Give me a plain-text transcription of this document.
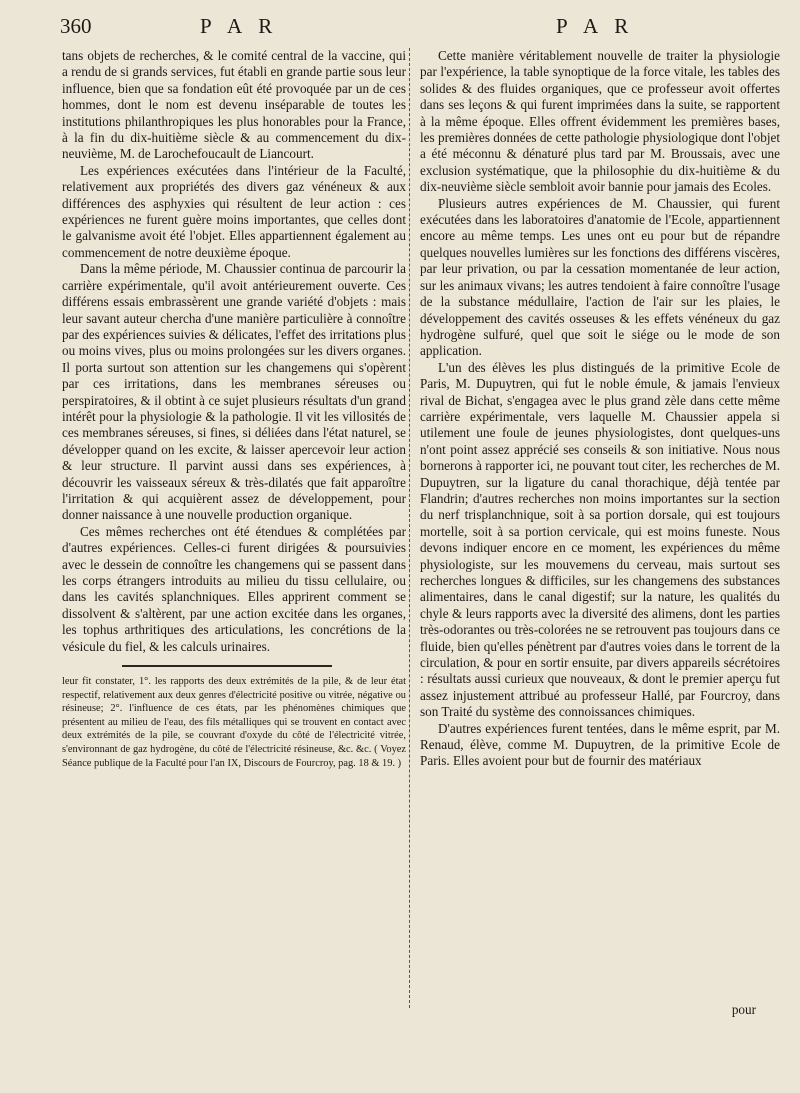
360	P A R	P A R

tans objets de recherches, & le comité central de la vaccine, qui a rendu de si grands services, fut établi en grande partie sous leur influence, bien que sa fondation eût été provoquée par un de ces hommes, dont le nom est devenu inséparable de toutes les institutions philanthropiques les plus honorables pour la France, à la fin du dix-huitième siècle & au commencement du dix-neuvième, M. de Larochefoucault de Liancourt.

Les expériences exécutées dans l'intérieur de la Faculté, relativement aux propriétés des divers gaz vénéneux & aux différences des asphyxies qui résultent de leur action : ces expériences ne furent guère moins importantes, que celles dont le galvanisme avoit été l'objet. Elles appartiennent également au commencement de notre deuxième époque.

Dans la même période, M. Chaussier continua de parcourir la carrière expérimentale, qu'il avoit antérieurement ouverte. Ces différens essais embrassèrent une grande variété d'objets : mais leur savant auteur chercha d'une manière particulière à connoître par des expériences suivies & délicates, l'effet des irritations plus ou moins vives, plus ou moins prolongées sur les divers organes. Il porta surtout son attention sur les changemens qui s'opèrent par ces irritations, dans les membranes séreuses ou perspiratoires, & il obtint à ce sujet plusieurs résultats d'un grand intérêt pour la physiologie & la pathologie. Il vit les villosités de ces membranes séreuses, si fines, si déliées dans l'état naturel, se développer quand on les excite, & laisser apercevoir leur action & leur structure. Il parvint aussi dans ses expériences, à découvrir les vaisseaux séreux & très-dilatés que fait apparoître l'irritation & qui acquièrent assez de développement, pour donner naissance à une nouvelle production organique.

Ces mêmes recherches ont été étendues & complétées par d'autres expériences. Celles-ci furent dirigées & poursuivies avec le dessein de connoître les changemens qui se passent dans les corps étrangers introduits au milieu du tissu cellulaire, ou dans les cavités splanchniques. Elles apprirent comment se dissolvent & s'altèrent, par une action excitée dans les organes, les tophus arthritiques des articulations, les concrétions de la vésicule du fiel, & les calculs urinaires.

leur fit constater, 1°. les rapports des deux extrémités de la pile, & de leur état respectif, relativement aux deux genres d'électricité positive ou vitrée, négative ou résineuse; 2°. l'influence de ces états, par les phénomènes chimiques que présentent au milieu de l'eau, des fils métalliques qui se trouvent en contact avec deux extrémités de la pile, se couvrant d'oxyde du côté de l'électricité vitrée, s'environnant de gaz hydrogène, du côté de l'électricité résineuse, &c. &c. ( Voyez Séance publique de la Faculté pour l'an IX, Discours de Fourcroy, pag. 18 & 19. )

Cette manière véritablement nouvelle de traiter la physiologie par l'expérience, la table synoptique de la force vitale, les tables des solides & des fluides organiques, que ce professeur avoit offertes dans ses leçons & qui furent imprimées dans la suite, se rapportent à la même époque. Elles offrent évidemment les premières bases, les premières données de cette pathologie physiologique dont l'objet a été méconnu & dénaturé plus tard par M. Broussais, avec une exclusion systématique, que la philosophie du dix-huitième & du dix-neuvième siècle sembloit avoir bannie pour jamais des Ecoles.

Plusieurs autres expériences de M. Chaussier, qui furent exécutées dans les laboratoires d'anatomie de l'Ecole, appartiennent encore au même temps. Les unes ont eu pour but de répandre quelques nouvelles lumières sur les fonctions des différens viscères, par leur privation, ou par la cessation momentanée de leur action, sur les animaux vivans; les autres tendoient à faire connoître l'usage de la substance médullaire, l'action de l'air sur les plaies, le développement des cavités osseuses & les effets vénéneux du gaz hydrogène sulfuré, quel que soit le siége ou le mode de son application.

L'un des élèves les plus distingués de la primitive Ecole de Paris, M. Dupuytren, qui fut le noble émule, & jamais l'envieux rival de Bichat, s'engagea avec le plus grand zèle dans cette même carrière expérimentale, vers laquelle M. Chaussier appela si utilement une foule de jeunes physiologistes, dont quelques-uns n'ont point assez apprécié ses conseils & son initiative. Nous nous bornerons à rapporter ici, ne pouvant tout citer, les recherches de M. Dupuytren, sur la ligature du canal thorachique, déjà tentée par Flandrin; d'autres recherches non moins importantes sur la section du nerf trisplanchnique, soit à sa portion dorsale, qui est toujours mortelle, soit à sa portion cervicale, qui est moins funeste. Nous devons indiquer encore en ce moment, les expériences du même physiologiste, sur les mouvemens du cerveau, mais surtout ses recherches longues & difficiles, sur les changemens des substances alimentaires, dans le canal digestif; sur la nature, les qualités du chyle & leurs rapports avec la diversité des alimens, dont les parties très-odorantes ou très-colorées ne se retrouvent pas toujours dans ce fluide, bien qu'elles pénètrent par d'autres voies dans le torrent de la circulation, & pour en sortir ensuite, par divers appareils sécrétoires : résultats aussi curieux que nouveaux, & dont le premier aperçu fut assez injustement attribué au professeur Hallé, par Fourcroy, dans son Traité du système des connoissances chimiques.

D'autres expériences furent tentées, dans le même esprit, par M. Renaud, élève, comme M. Dupuytren, de la primitive Ecole de Paris. Elles avoient pour but de fournir des matériaux

pour
